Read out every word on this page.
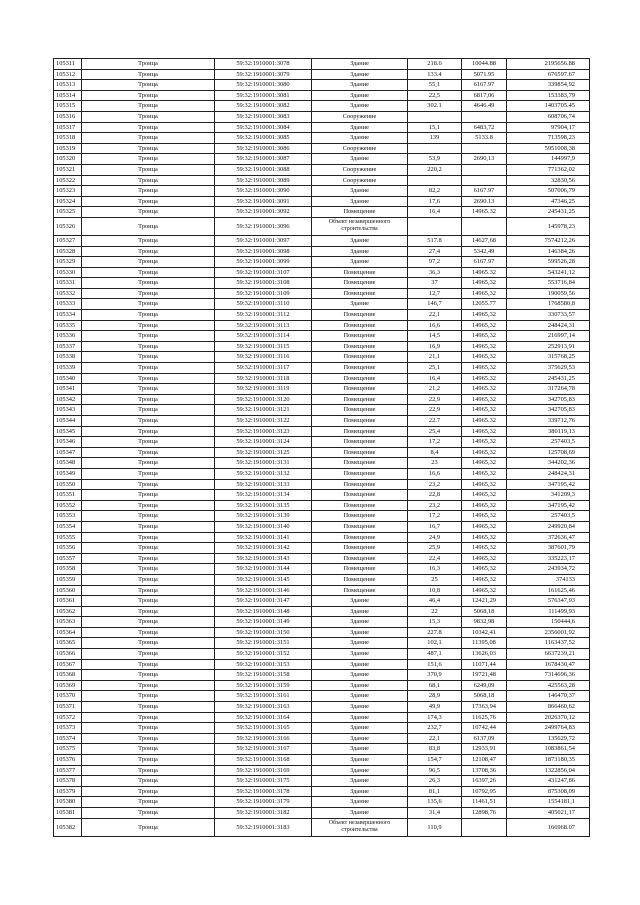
105311	Троица	59:32:1910001:3078	Здание	218.6	10044.88	2195656.88
105312	Троица	59:32:1910001:3079	Здание	133.4	5071.95	676597.67
105313	Троица	59:32:1910001:3080	Здание	55,1	6167.97	339854,92
105314	Троица	59:32:1910001:3081	Здание	22,5	6817,06	153383,79
105315	Троица	59:32:1910001:3082	Здание	302.1	4646.49	1403705.45
105316	Троица	59:32:1910001:3083	Сооружение			608706,74
105317	Троица	59:32:1910001:3084	Здание	15,1	6483,72	97904,17
105318	Троица	59:32:1910001:3085	Здание	139	5133.8	713598,23
105319	Троица	59:32:1910001:3086	Сооружение			5951008,38
105320	Троица	59:32:1910001:3087	Здание	53,9	2690,13	144997,9
105321	Троица	59:32:1910001:3088	Сооружение	220,2		771362,02
105322	Троица	59:32:1910001:3089	Сооружение			32830,56
105323	Троица	59:32:1910001:3090	Здание	82,2	6167.97	507006,79
105324	Троица	59:32:1910001:3091	Здание	17,6	2690.13	47346,25
105325	Троица	59:32:1910001:3092	Помещение	16,4	14965.32	245431,25
105326	Троица	59:32:1910001:3096	Объект незавершенного строительства			145978,23
105327	Троица	59:32:1910001:3097	Здание	517.8	14627,68	7574212,26
105328	Троица	59:32:1910001:3098	Здание	27,4	5342,49	146384,26
105329	Троица	59:32:1910001:3099	Здание	97,2	6167.97	599526,28
105330	Троица	59:32:1910001:3107	Помещение	36,3	14965.32	543241,12
105331	Троица	59:32:1910001:3108	Помещение	37	14965,32	553716,84
105332	Троица	59:32:1910001:3109	Помещение	12,7	14965,32	190059,56
105333	Троица	59:32:1910001:3110	Здание	146,7	12055.77	1768580,8
105334	Троица	59:32:1910001:3112	Помещение	22,1	14965,32	330733,57
105335	Троица	59:32:1910001:3113	Помещение	16,6	14965,32	248424,31
105336	Троица	59:32:1910001:3114	Помещение	14,5	14965,32	216997,14
105337	Троица	59:32:1910001:3115	Помещение	16,9	14965,32	252913,91
105338	Троица	59:32:1910001:3116	Помещение	21,1	14965,32	315768,25
105339	Троица	59:32:1910001:3117	Помещение	25,1	14965,32	375629,53
105340	Троица	59:32:1910001:3118	Помещение	16,4	14965.32	245431,25
105341	Троица	59:32:1910001:3119	Помещение	21,2	14965.32	317264,78
105342	Троица	59:32:1910001:3120	Помещение	22,9	14965,32	342705,83
105343	Троица	59:32:1910001:3121	Помещение	22,9	14965,32	342705,83
105344	Троица	59:32:1910001:3122	Помещение	22.7	14965.32	339712,76
105345	Троица	59:32:1910001:3123	Помещение	25,4	14965,32	380119,13
105346	Троица	59:32:1910001:3124	Помещение	17,2	14965,32	257403,5
105347	Троица	59:32:1910001:3125	Помещение	8,4	14965,32	125708,69
105348	Троица	59:32:1910001:3131	Помещение	23	14965,32	344202,36
105349	Троица	59:32:1910001:3132	Помещение	16,6	14965,32	248424,31
105350	Троица	59:32:1910001:3133	Помещение	23,2	14965,32	347195,42
105351	Троица	59:32:1910001:3134	Помещение	22,8	14965,32	341209,3
105352	Троица	59:32:1910001:3135	Помещение	23,2	14965,32	347195,42
105353	Троица	59:32:1910001:3139	Помещение	17,2	14965,32	257403,5
105354	Троица	59:32:1910001:3140	Помещение	16,7	14965,32	249920,84
105355	Троица	59:32:1910001:3141	Помещение	24,9	14965,32	372636,47
105356	Троица	59:32:1910001:3142	Помещение	25,9	14965,32	387601,79
105357	Троица	59:32:1910001:3143	Помещение	22,4	14965,32	335223,17
105358	Троица	59:32:1910001:3144	Помещение	16,3	14965,32	243934,72
105359	Троица	59:32:1910001:3145	Помещение	25	14965,32	374133
105360	Троица	59:32:1910001:3146	Помещение	10,8	14965,32	161625,46
105361	Троица	59:32:1910001:3147	Здание	46,4	12421,29	576347,93
105362	Троица	59:32:1910001:3148	Здание	22	5068,18	111499,93
105363	Троица	59:32:1910001:3149	Здание	15,3	9832,98	150444,6
105364	Троица	59:32:1910001:3150	Здание	227.8	10342,41	2356001,92
105365	Троица	59:32:1910001:3151	Здание	102,1	11395,08	1163437,52
105366	Троица	59:32:1910001:3152	Здание	487,1	13626,03	6637239,21
105367	Троица	59:32:1910001:3153	Здание	151,6	11071,44	1678430,47
105368	Троица	59:32:1910001:3158	Здание	370,9	19721,48	7314696,36
105369	Троица	59:32:1910001:3159	Здание	68,1	6249,09	425563,28
105370	Троица	59:32:1910001:3161	Здание	28,9	5068,18	146470,37
105371	Троица	59:32:1910001:3163	Здание	49,9	17363,94	866460,62
105372	Троица	59:32:1910001:3164	Здание	174,3	11625,76	2026370,12
105373	Троица	59:32:1910001:3165	Здание	232,7	10742,44	2499764,83
105374	Троица	59:32:1910001:3166	Здание	22,1	6137,09	135629,72
105375	Троица	59:32:1910001:3167	Здание	83,8	12933,91	1083861,54
105376	Троица	59:32:1910001:3168	Здание	154,7	12108,47	1873180,35
105377	Троица	59:32:1910001:3169	Здание	96,5	13708,36	1322856,04
105378	Троица	59:32:1910001:3175	Здание	26,3	16397,26	431247,86
105379	Троица	59:32:1910001:3178	Здание	81,1	10792,95	875308,09
105380	Троица	59:32:1910001:3179	Здание	135,6	11461,51	1554181,1
105381	Троица	59:32:1910001:3182	Здание	31,4	12898,76	405021,17
105382	Троица	59:32:1910001:3183	Объект незавершенного строительства	110,9		166968.07
